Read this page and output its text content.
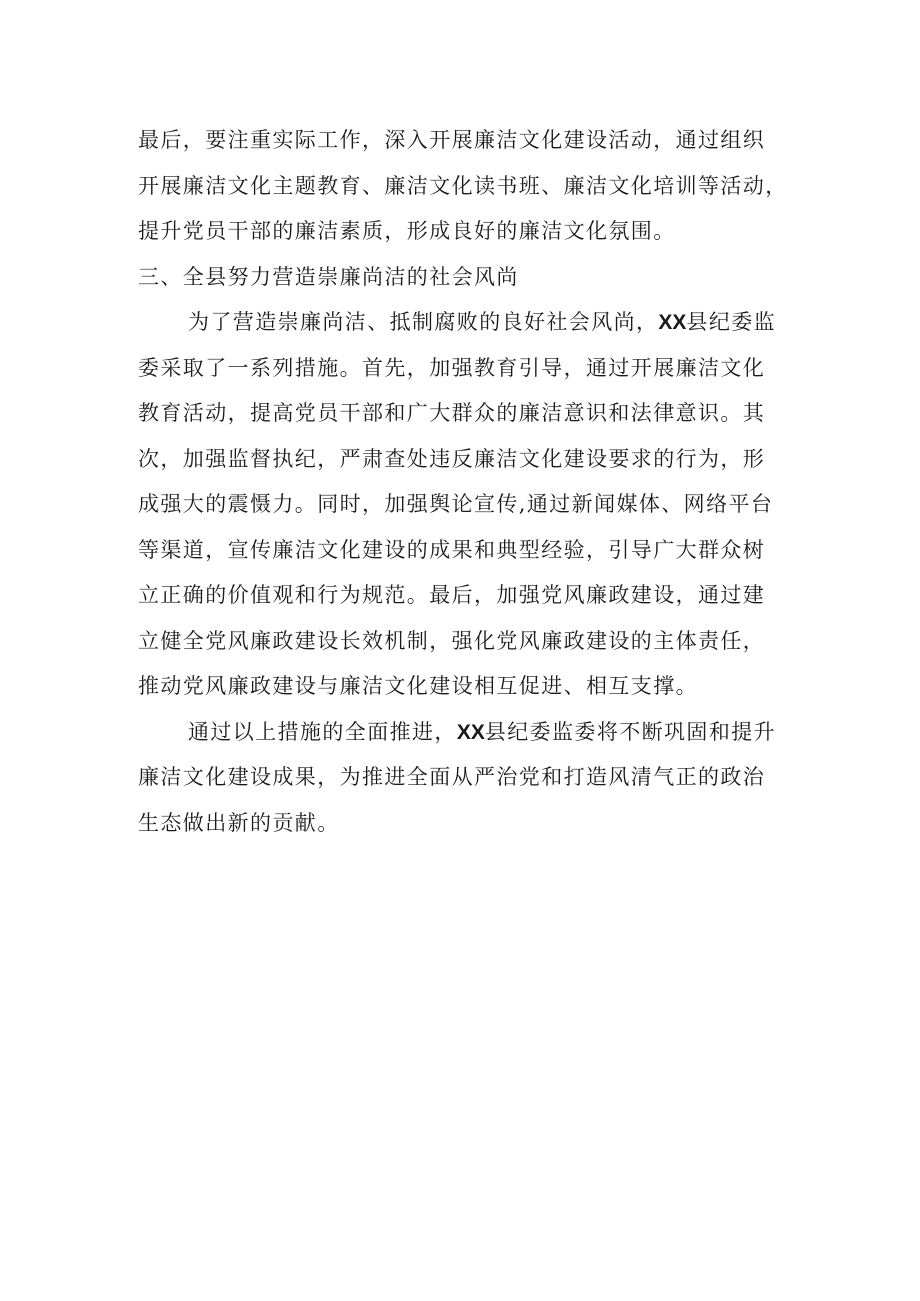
最后，要注重实际工作，深入开展廉洁文化建设活动，通过组织
开展廉洁文化主题教育、廉洁文化读书班、廉洁文化培训等活动，
提升党员干部的廉洁素质，形成良好的廉洁文化氛围。

三、全县努力营造崇廉尚洁的社会风尚

为了营造崇廉尚洁、抵制腐败的良好社会风尚，XX县纪委监
委采取了一系列措施。首先，加强教育引导，通过开展廉洁文化
教育活动，提高党员干部和广大群众的廉洁意识和法律意识。其
次，加强监督执纪，严肃查处违反廉洁文化建设要求的行为，形
成强大的震慑力。同时，加强舆论宣传,通过新闻媒体、网络平台
等渠道，宣传廉洁文化建设的成果和典型经验，引导广大群众树
立正确的价值观和行为规范。最后，加强党风廉政建设，通过建
立健全党风廉政建设长效机制，强化党风廉政建设的主体责任，
推动党风廉政建设与廉洁文化建设相互促进、相互支撑。

通过以上措施的全面推进，XX县纪委监委将不断巩固和提升
廉洁文化建设成果，为推进全面从严治党和打造风清气正的政治
生态做出新的贡献。
